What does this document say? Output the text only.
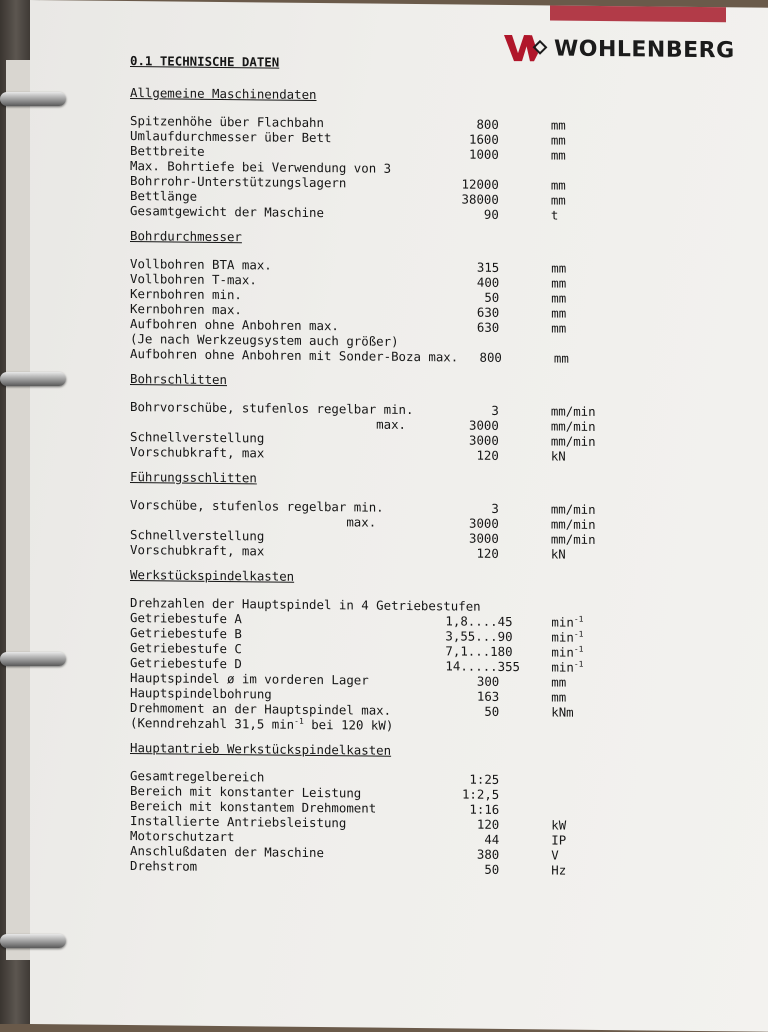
WOHLENBERG
0.1 TECHNISCHE DATEN
Allgemeine Maschinendaten
Spitzenhöhe über Flachbahn	800	mm
Umlaufdurchmesser über Bett	1600	mm
Bettbreite	1000	mm
Max. Bohrtiefe bei Verwendung von 3
Bohrrohr-Unterstützungslagern	12000	mm
Bettlänge	38000	mm
Gesamtgewicht der Maschine	90	t
Bohrdurchmesser
Vollbohren BTA max.	315	mm
Vollbohren T-max.	400	mm
Kernbohren min.	50	mm
Kernbohren max.	630	mm
Aufbohren ohne Anbohren max.	630	mm
(Je nach Werkzeugsystem auch größer)
Aufbohren ohne Anbohren mit Sonder-Boza max.	800	mm
Bohrschlitten
Bohrvorschübe, stufenlos regelbar min.	3	mm/min
max.	3000	mm/min
Schnellverstellung	3000	mm/min
Vorschubkraft, max	120	kN
Führungsschlitten
Vorschübe, stufenlos regelbar min.	3	mm/min
max.	3000	mm/min
Schnellverstellung	3000	mm/min
Vorschubkraft, max	120	kN
Werkstückspindelkasten
Drehzahlen der Hauptspindel in 4 Getriebestufen
Getriebestufe A	1,8....45	$\min^{-1}$
Getriebestufe B	3,55...90	$\min^{-1}$
Getriebestufe C	7,1...180	$\min^{-1}$
Getriebestufe D	14.....355	$\min^{-1}$
Hauptspindel ø im vorderen Lager	300	mm
Hauptspindelbohrung	163	mm
Drehmoment an der Hauptspindel max.	50	kNm
(Kenndrehzahl 31,5 $\min^{-1}$ bei 120 kW)
Hauptantrieb Werkstückspindelkasten
Gesamtregelbereich	1:25
Bereich mit konstanter Leistung	1:2,5
Bereich mit konstantem Drehmoment	1:16
Installierte Antriebsleistung	120	kW
Motorschutzart	44	IP
Anschlußdaten der Maschine	380	V
Drehstrom	50	Hz
